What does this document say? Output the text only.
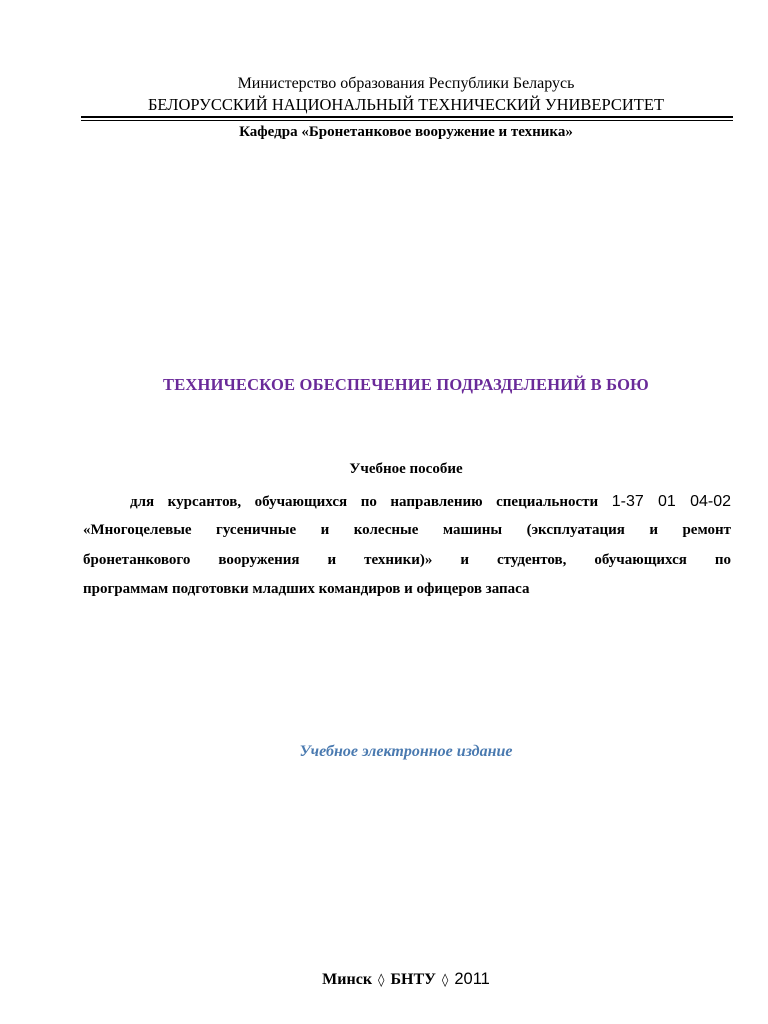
Министерство образования Республики Беларусь
БЕЛОРУССКИЙ НАЦИОНАЛЬНЫЙ ТЕХНИЧЕСКИЙ УНИВЕРСИТЕТ
Кафедра «Бронетанковое вооружение и техника»
ТЕХНИЧЕСКОЕ ОБЕСПЕЧЕНИЕ ПОДРАЗДЕЛЕНИЙ В БОЮ
Учебное пособие
для курсантов, обучающихся по направлению специальности 1-37 01 04-02
«Многоцелевые гусеничные и колесные машины (эксплуатация и ремонт
бронетанкового вооружения и техники)» и студентов, обучающихся по
программам подготовки младших командиров и офицеров запаса
Учебное электронное издание
Минск ◊ БНТУ ◊ 2011
